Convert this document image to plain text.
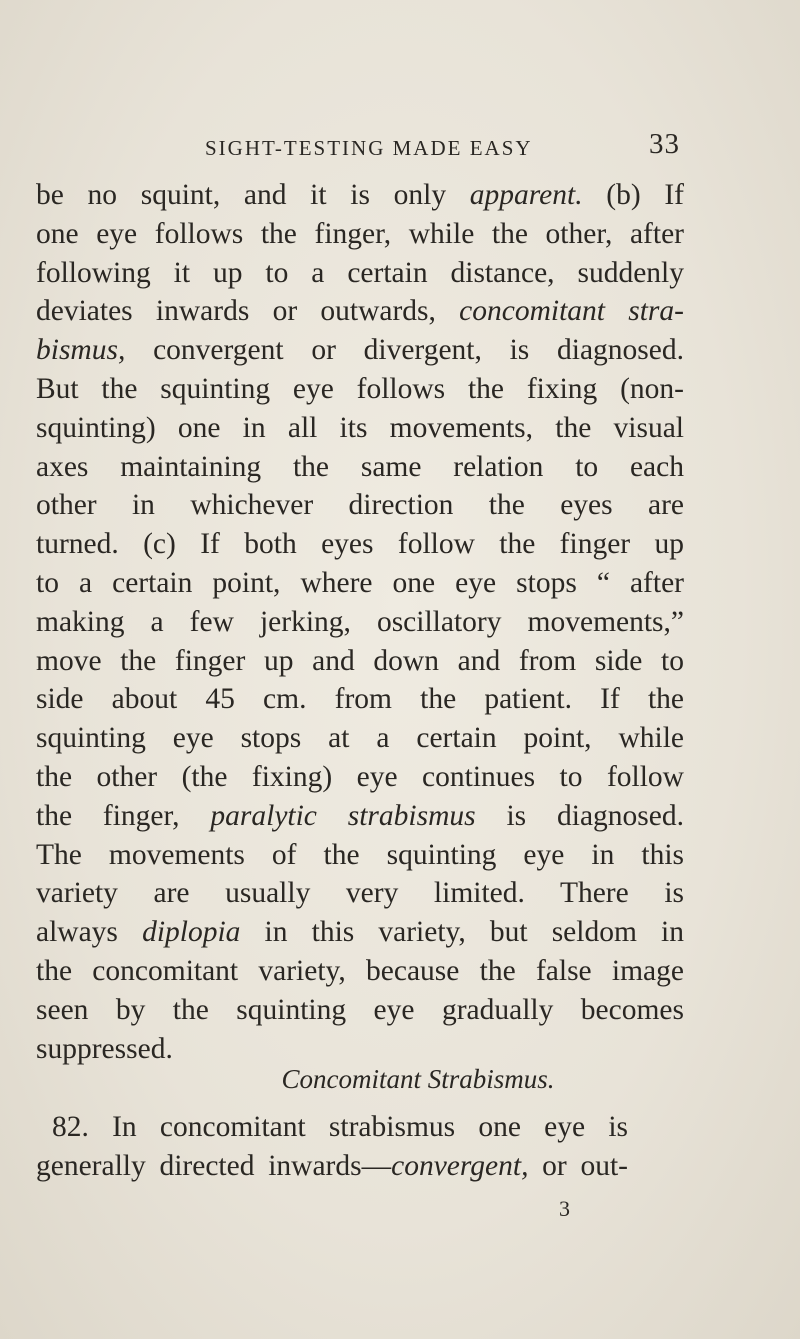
SIGHT-TESTING MADE EASY	33
be no squint, and it is only apparent. (b) If
one eye follows the finger, while the other, after
following it up to a certain distance, suddenly
deviates inwards or outwards, concomitant stra-
bismus, convergent or divergent, is diagnosed.
But the squinting eye follows the fixing (non-
squinting) one in all its movements, the visual
axes maintaining the same relation to each
other in whichever direction the eyes are
turned. (c) If both eyes follow the finger up
to a certain point, where one eye stops “ after
making a few jerking, oscillatory movements,”
move the finger up and down and from side to
side about 45 cm. from the patient. If the
squinting eye stops at a certain point, while
the other (the fixing) eye continues to follow
the finger, paralytic strabismus is diagnosed.
The movements of the squinting eye in this
variety are usually very limited. There is
always diplopia in this variety, but seldom in
the concomitant variety, because the false image
seen by the squinting eye gradually becomes
suppressed.
Concomitant Strabismus.
82. In concomitant strabismus one eye is
generally directed inwards—convergent, or out-
3
